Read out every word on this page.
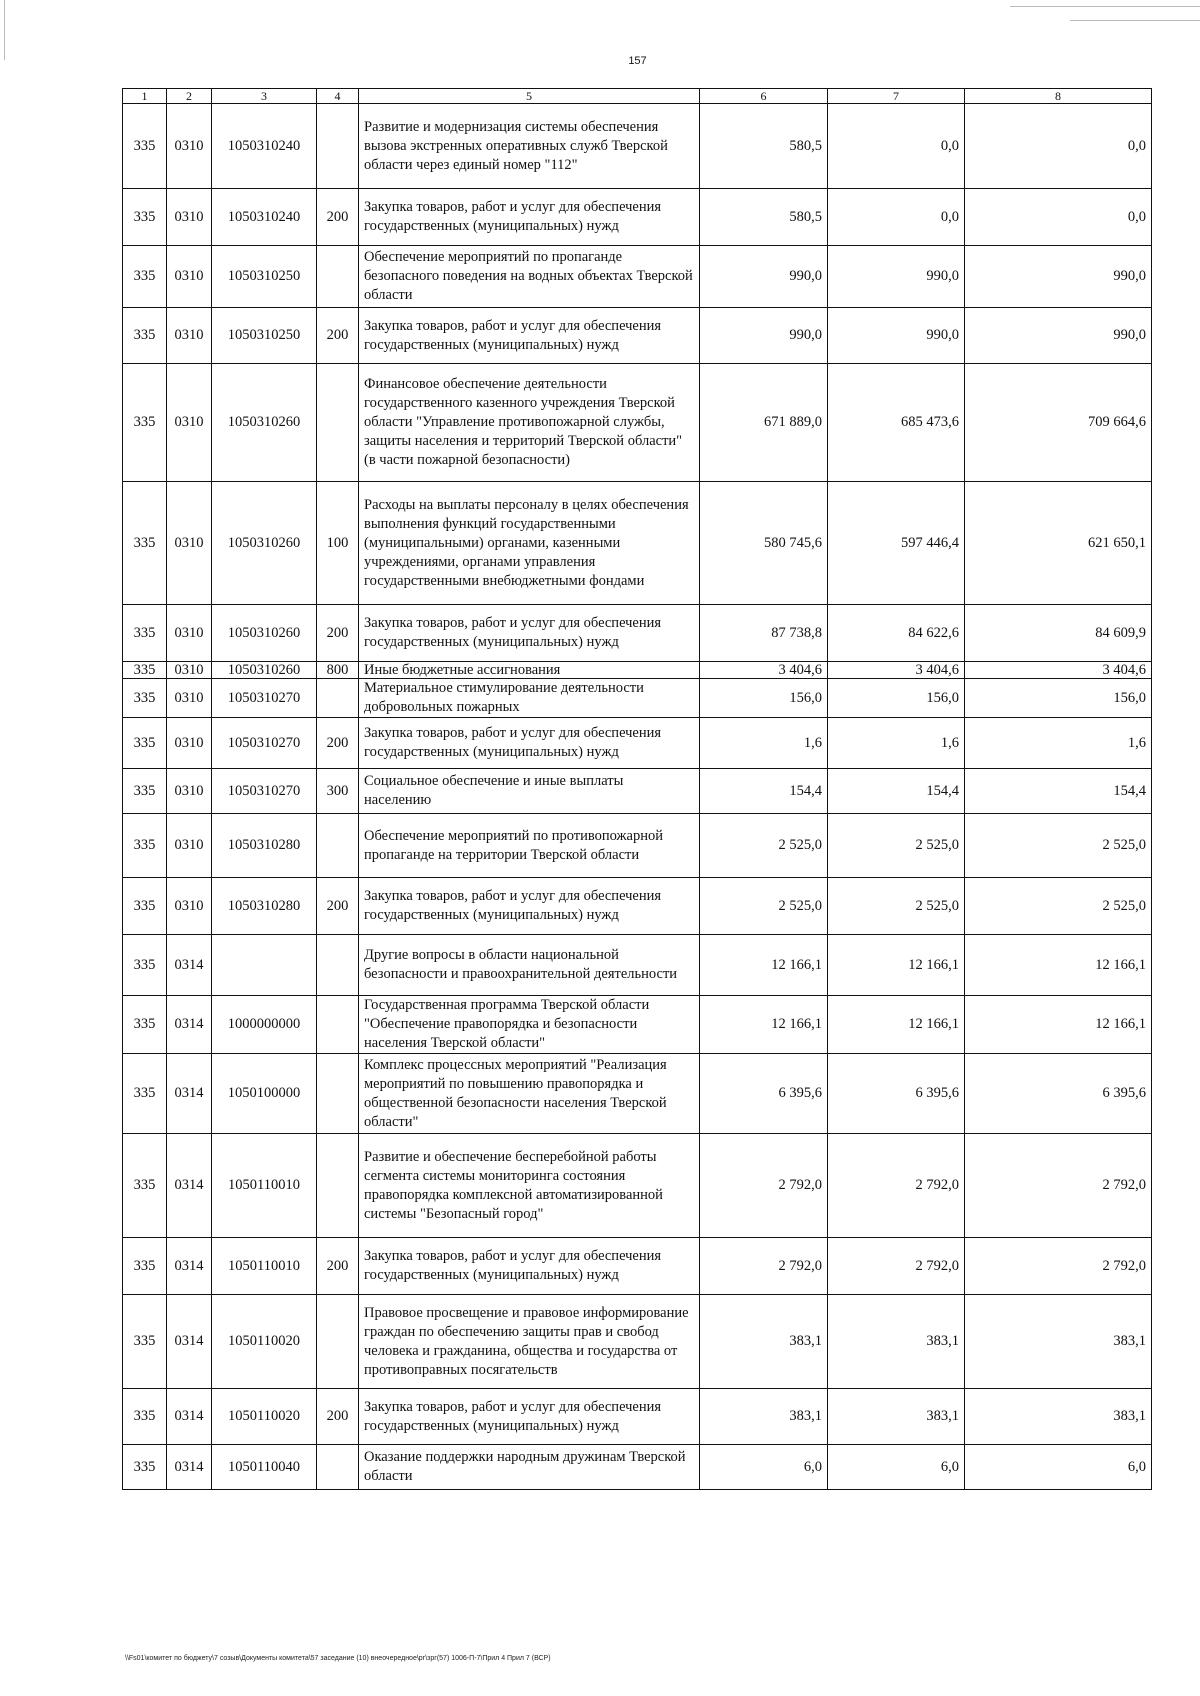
157
1	2	3	4	5	6	7	8
335	0310	1050310240		Развитие и модернизация системы обеспечения вызова экстренных оперативных служб Тверской области через единый номер "112"	580,5	0,0	0,0
335	0310	1050310240	200	Закупка товаров, работ и услуг для обеспечения государственных (муниципальных) нужд	580,5	0,0	0,0
335	0310	1050310250		Обеспечение мероприятий по пропаганде безопасного поведения на водных объектах Тверской области	990,0	990,0	990,0
335	0310	1050310250	200	Закупка товаров, работ и услуг для обеспечения государственных (муниципальных) нужд	990,0	990,0	990,0
335	0310	1050310260		Финансовое обеспечение деятельности государственного казенного учреждения Тверской области "Управление противопожарной службы, защиты населения и территорий Тверской области" (в части пожарной безопасности)	671 889,0	685 473,6	709 664,6
335	0310	1050310260	100	Расходы на выплаты персоналу в целях обеспечения выполнения функций государственными (муниципальными) органами, казенными учреждениями, органами управления государственными внебюджетными фондами	580 745,6	597 446,4	621 650,1
335	0310	1050310260	200	Закупка товаров, работ и услуг для обеспечения государственных (муниципальных) нужд	87 738,8	84 622,6	84 609,9
335	0310	1050310260	800	Иные бюджетные ассигнования	3 404,6	3 404,6	3 404,6
335	0310	1050310270		Материальное стимулирование деятельности добровольных пожарных	156,0	156,0	156,0
335	0310	1050310270	200	Закупка товаров, работ и услуг для обеспечения государственных (муниципальных) нужд	1,6	1,6	1,6
335	0310	1050310270	300	Социальное обеспечение и иные выплаты населению	154,4	154,4	154,4
335	0310	1050310280		Обеспечение мероприятий по противопожарной пропаганде на территории Тверской области	2 525,0	2 525,0	2 525,0
335	0310	1050310280	200	Закупка товаров, работ и услуг для обеспечения государственных (муниципальных) нужд	2 525,0	2 525,0	2 525,0
335	0314			Другие вопросы в области национальной безопасности и правоохранительной деятельности	12 166,1	12 166,1	12 166,1
335	0314	1000000000		Государственная программа Тверской области "Обеспечение правопорядка и безопасности населения Тверской области"	12 166,1	12 166,1	12 166,1
335	0314	1050100000		Комплекс процессных мероприятий "Реализация мероприятий по повышению правопорядка и общественной безопасности населения Тверской области"	6 395,6	6 395,6	6 395,6
335	0314	1050110010		Развитие и обеспечение бесперебойной работы сегмента системы мониторинга состояния правопорядка комплексной автоматизированной системы "Безопасный город"	2 792,0	2 792,0	2 792,0
335	0314	1050110010	200	Закупка товаров, работ и услуг для обеспечения государственных (муниципальных) нужд	2 792,0	2 792,0	2 792,0
335	0314	1050110020		Правовое просвещение и правовое информирование граждан по обеспечению защиты прав и свобод человека и гражданина, общества и государства от противоправных посягательств	383,1	383,1	383,1
335	0314	1050110020	200	Закупка товаров, работ и услуг для обеспечения государственных (муниципальных) нужд	383,1	383,1	383,1
335	0314	1050110040		Оказание поддержки народным дружинам Тверской области	6,0	6,0	6,0
\\Fs01\комитет по бюджету\7 созыв\Документы комитета\57 заседание (10) внеочередное\рг\зрг(57) 1006-П-7\Прил 4 Прил 7 (ВСР)
